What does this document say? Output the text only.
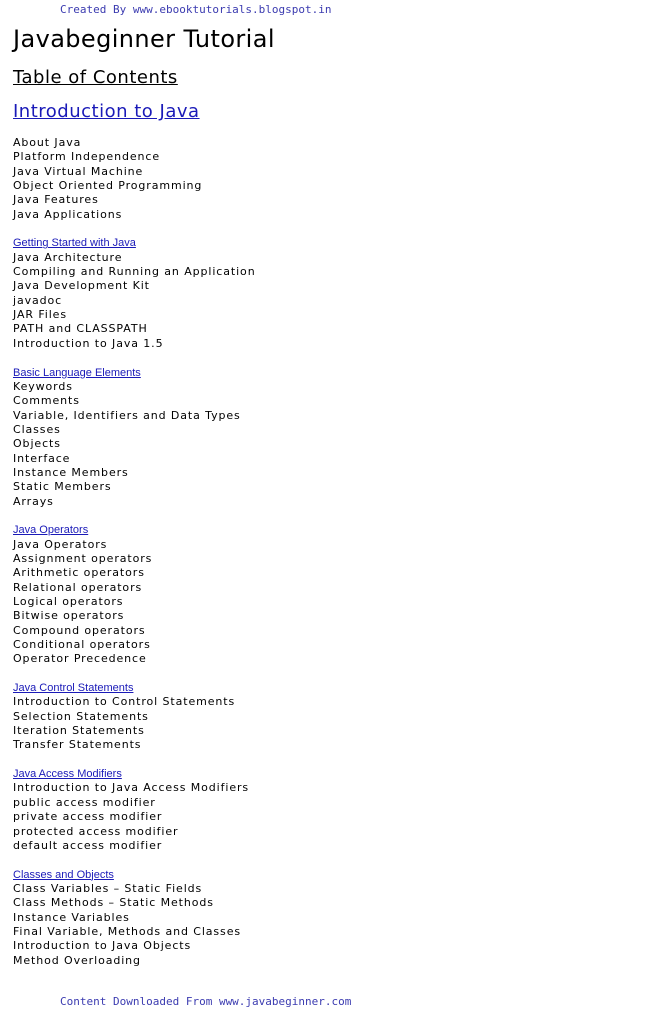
Created By www.ebooktutorials.blogspot.in
Javabeginner Tutorial
Table of Contents
Introduction to Java
About Java
Platform Independence
Java Virtual Machine
Object Oriented Programming
Java Features
Java Applications
Getting Started with Java
Java Architecture
Compiling and Running an Application
Java Development Kit
javadoc
JAR Files
PATH and CLASSPATH
Introduction to Java 1.5
Basic Language Elements
Keywords
Comments
Variable, Identifiers and Data Types
Classes
Objects
Interface
Instance Members
Static Members
Arrays
Java Operators
Java Operators
Assignment operators
Arithmetic operators
Relational operators
Logical operators
Bitwise operators
Compound operators
Conditional operators
Operator Precedence
Java Control Statements
Introduction to Control Statements
Selection Statements
Iteration Statements
Transfer Statements
Java Access Modifiers
Introduction to Java Access Modifiers
public access modifier
private access modifier
protected access modifier
default access modifier
Classes and Objects
Class Variables – Static Fields
Class Methods – Static Methods
Instance Variables
Final Variable, Methods and Classes
Introduction to Java Objects
Method Overloading
Content Downloaded From www.javabeginner.com
